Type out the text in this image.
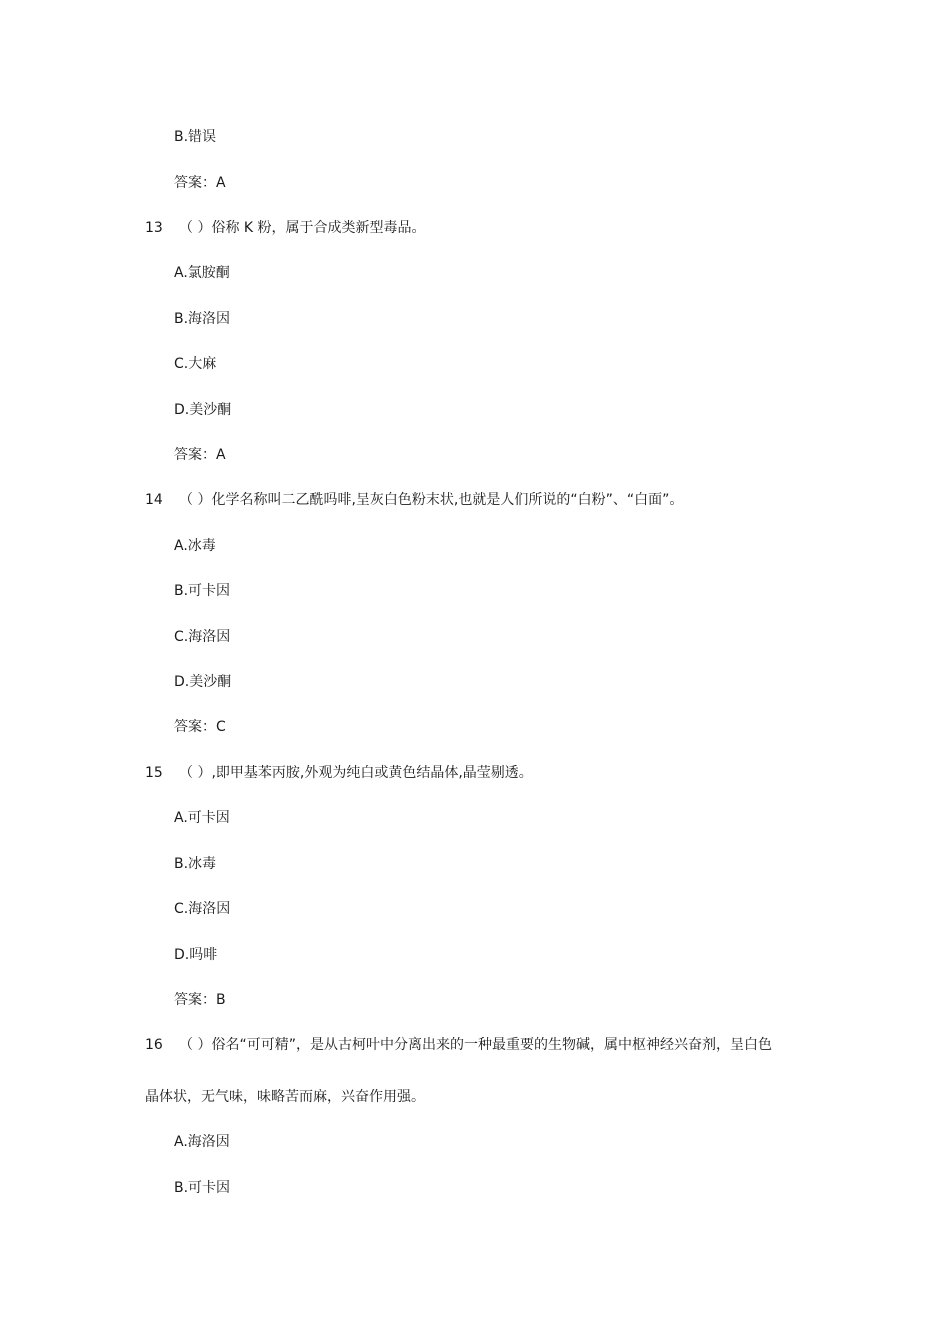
B.错误
答案：A
13 （ ）俗称 K 粉，属于合成类新型毒品。
A.氯胺酮
B.海洛因
C.大麻
D.美沙酮
答案：A
14 （ ）化学名称叫二乙酰吗啡,呈灰白色粉末状,也就是人们所说的“白粉”、“白面”。
A.冰毒
B.可卡因
C.海洛因
D.美沙酮
答案：C
15 （ ）,即甲基苯丙胺,外观为纯白或黄色结晶体,晶莹剔透。
A.可卡因
B.冰毒
C.海洛因
D.吗啡
答案：B
16 （ ）俗名“可可精”，是从古柯叶中分离出来的一种最重要的生物碱，属中枢神经兴奋剂，呈白色
晶体状，无气味，味略苦而麻，兴奋作用强。
A.海洛因
B.可卡因
